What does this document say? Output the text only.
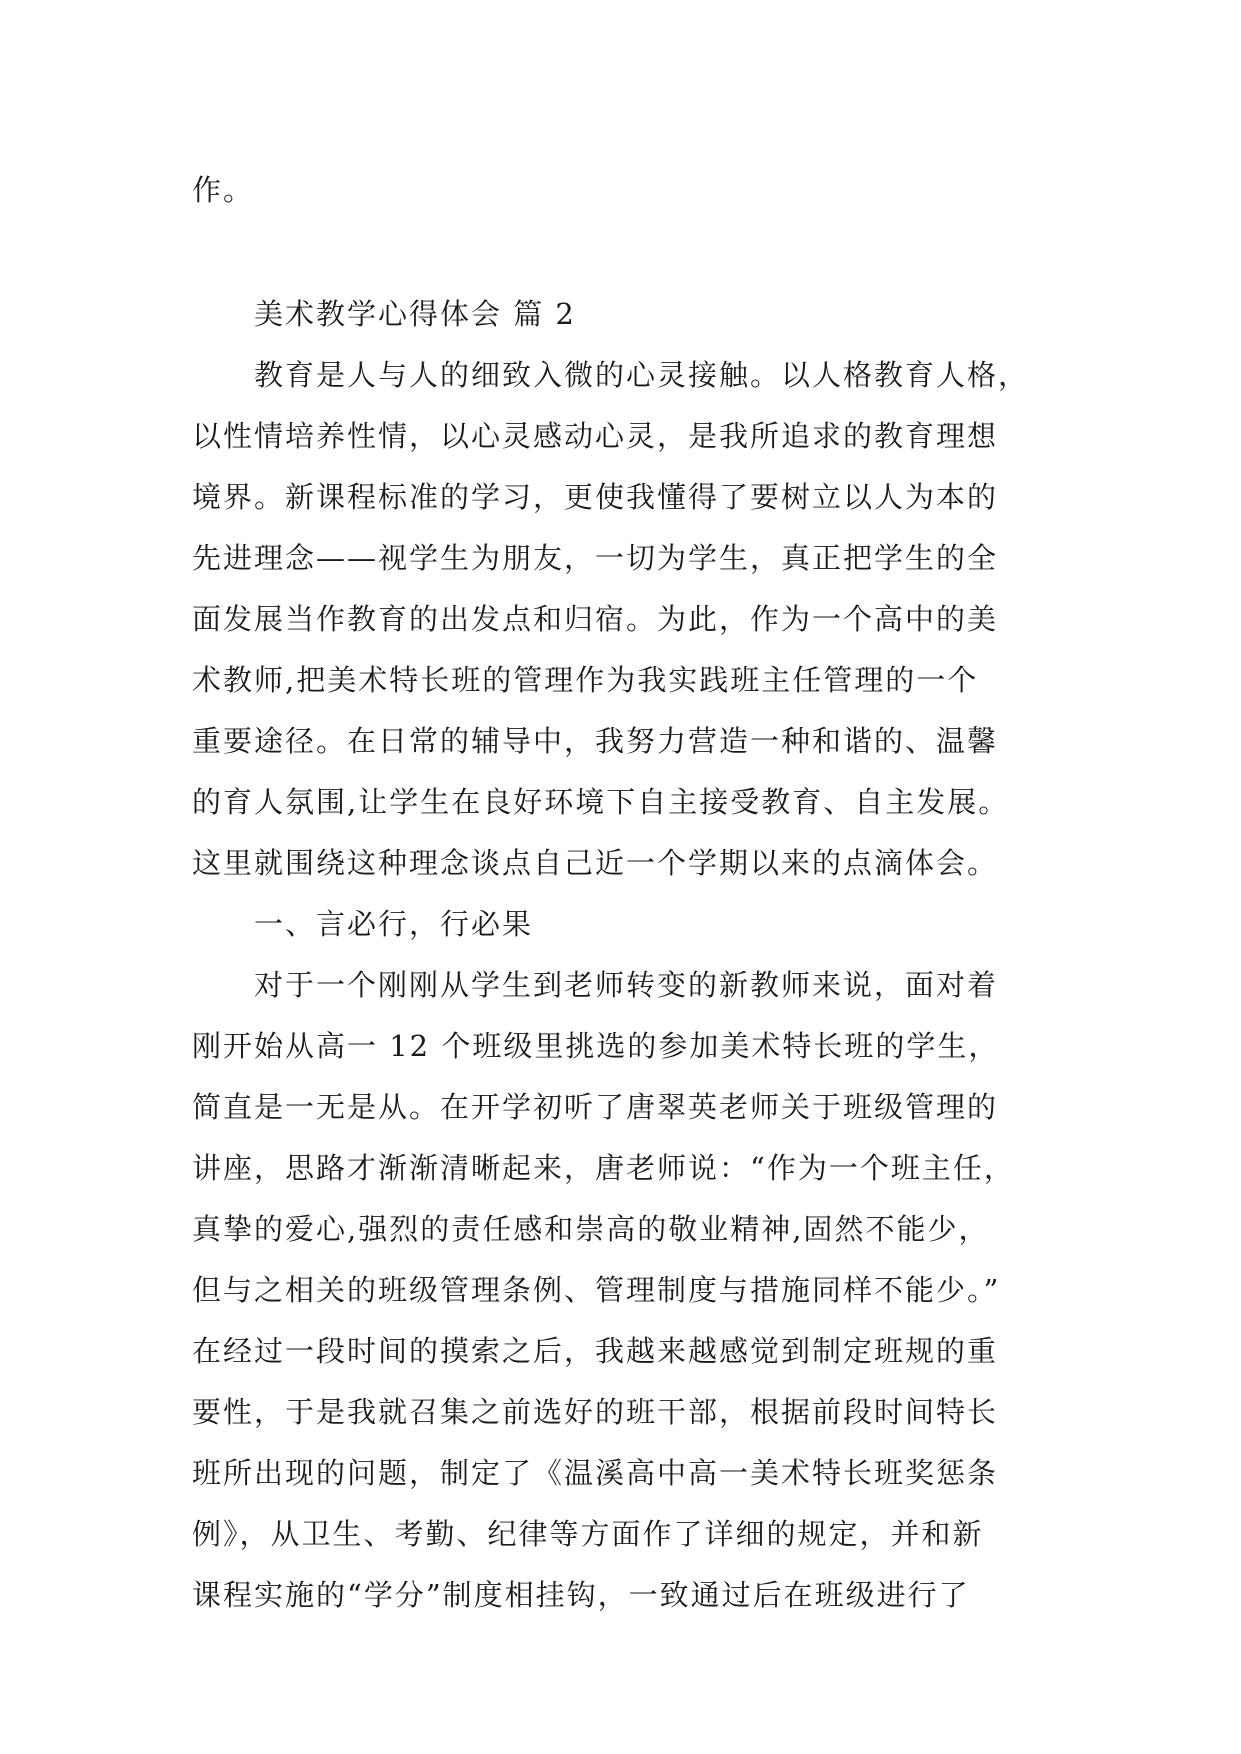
作。
美术教学心得体会 篇 2
教育是人与人的细致入微的心灵接触。以人格教育人格，
以性情培养性情，以心灵感动心灵，是我所追求的教育理想
境界。新课程标准的学习，更使我懂得了要树立以人为本的
先进理念——视学生为朋友，一切为学生，真正把学生的全
面发展当作教育的出发点和归宿。为此，作为一个高中的美
术教师,把美术特长班的管理作为我实践班主任管理的一个
重要途径。在日常的辅导中，我努力营造一种和谐的、温馨
的育人氛围,让学生在良好环境下自主接受教育、自主发展。
这里就围绕这种理念谈点自己近一个学期以来的点滴体会。
一、言必行，行必果
对于一个刚刚从学生到老师转变的新教师来说，面对着
刚开始从高一 12 个班级里挑选的参加美术特长班的学生，
简直是一无是从。在开学初听了唐翠英老师关于班级管理的
讲座，思路才渐渐清晰起来，唐老师说：“作为一个班主任，
真挚的爱心,强烈的责任感和崇高的敬业精神,固然不能少，
但与之相关的班级管理条例、管理制度与措施同样不能少。”
在经过一段时间的摸索之后，我越来越感觉到制定班规的重
要性，于是我就召集之前选好的班干部，根据前段时间特长
班所出现的问题，制定了《温溪高中高一美术特长班奖惩条
例》，从卫生、考勤、纪律等方面作了详细的规定，并和新
课程实施的“学分”制度相挂钩，一致通过后在班级进行了
